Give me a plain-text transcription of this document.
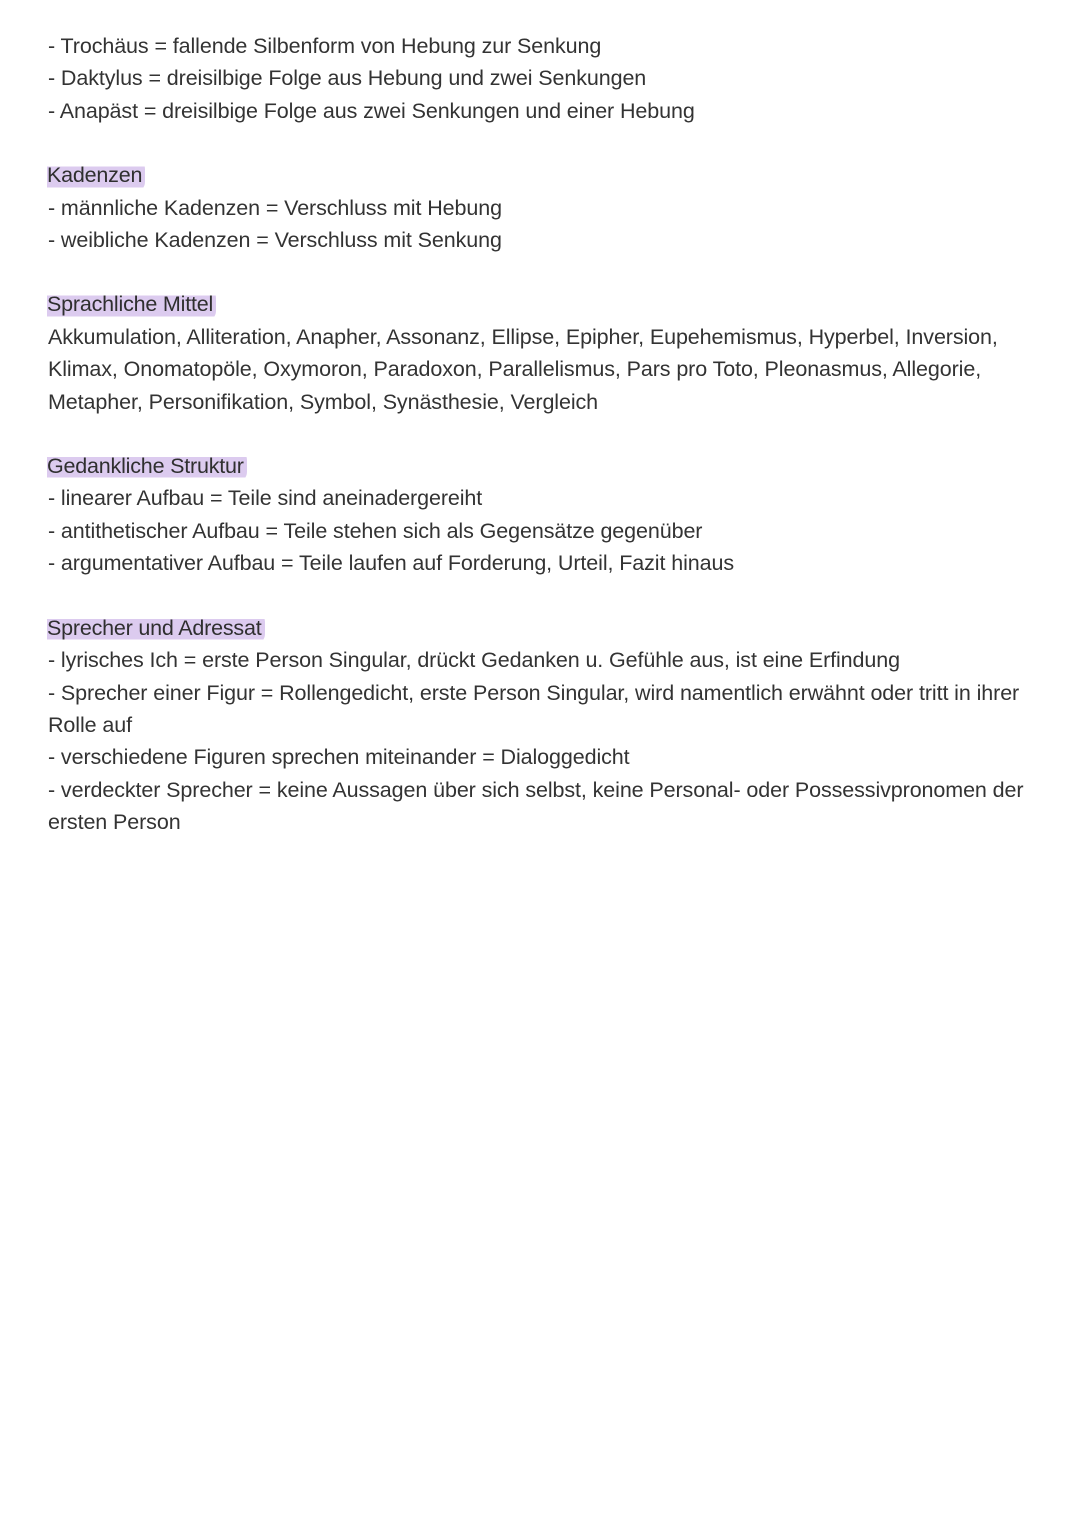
- Trochäus = fallende Silbenform von Hebung zur Senkung
- Daktylus = dreisilbige Folge aus Hebung und zwei Senkungen
- Anapäst = dreisilbige Folge aus zwei Senkungen und einer Hebung
Kadenzen
- männliche Kadenzen = Verschluss mit Hebung
- weibliche Kadenzen = Verschluss mit Senkung
Sprachliche Mittel
Akkumulation, Alliteration, Anapher, Assonanz, Ellipse, Epipher, Eupehemismus, Hyperbel, Inversion,
Klimax, Onomatopöle, Oxymoron, Paradoxon, Parallelismus, Pars pro Toto, Pleonasmus, Allegorie,
Metapher, Personifikation, Symbol, Synästhesie, Vergleich
Gedankliche Struktur
- linearer Aufbau = Teile sind aneinadergereiht
- antithetischer Aufbau = Teile stehen sich als Gegensätze gegenüber
- argumentativer Aufbau = Teile laufen auf Forderung, Urteil, Fazit hinaus
Sprecher und Adressat
- lyrisches Ich = erste Person Singular, drückt Gedanken u. Gefühle aus, ist eine Erfindung
- Sprecher einer Figur = Rollengedicht, erste Person Singular, wird namentlich erwähnt oder tritt in ihrer
Rolle auf
- verschiedene Figuren sprechen miteinander = Dialoggedicht
- verdeckter Sprecher = keine Aussagen über sich selbst, keine Personal- oder Possessivpronomen der
ersten Person
